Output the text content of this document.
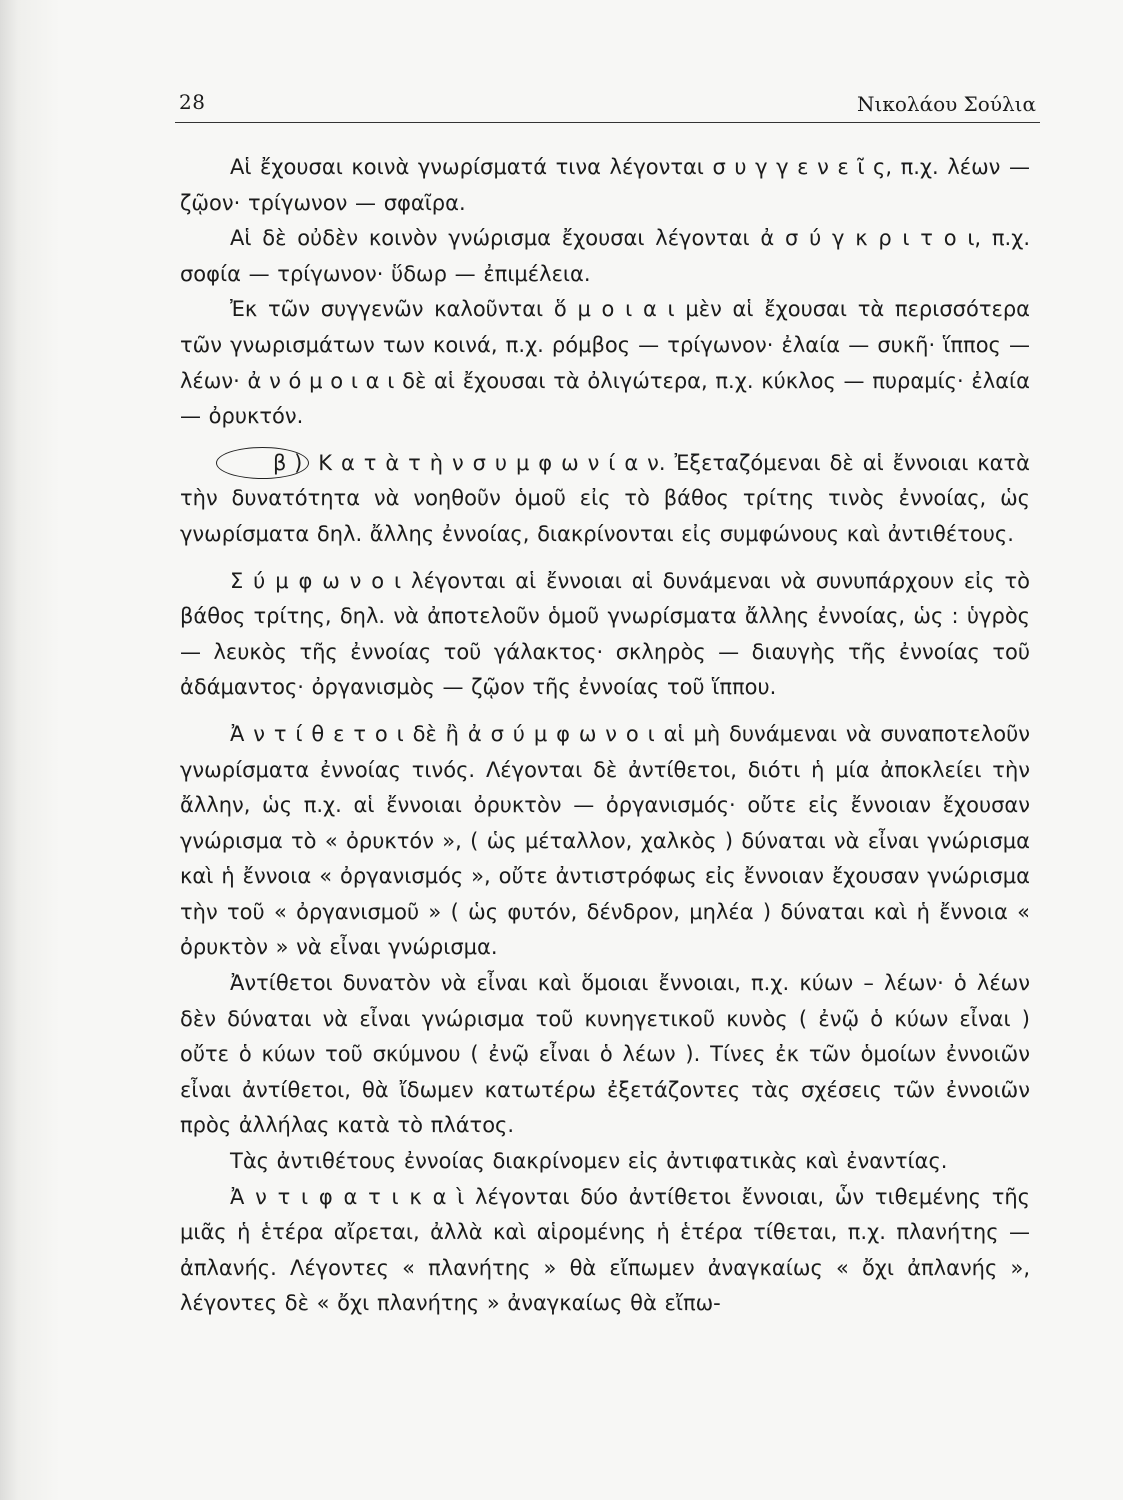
28	Νικολάου Σούλια

Αἱ ἔχουσαι κοινὰ γνωρίσματά τινα λέγονται σ υ γ γ ε ν ε ῖ ς, π.χ. λέων — ζῷον· τρίγωνον — σφαῖρα.

Αἱ δὲ οὐδὲν κοινὸν γνώρισμα ἔχουσαι λέγονται ἀ σ ύ γ κ ρ ι τ ο ι, π.χ. σοφία — τρίγωνον· ὕδωρ — ἐπιμέλεια.

Ἐκ τῶν συγγενῶν καλοῦνται ὅ μ ο ι α ι μὲν αἱ ἔχουσαι τὰ περισσότερα τῶν γνωρισμάτων των κοινά, π.χ. ρόμβος — τρίγωνον· ἐλαία — συκῆ· ἵππος — λέων· ἀ ν ό μ ο ι α ι δὲ αἱ ἔχουσαι τὰ ὀλιγώτερα, π.χ. κύκλος — πυραμίς· ἐλαία — ὀρυκτόν.

β ) Κ α τ ὰ τ ὴ ν σ υ μ φ ω ν ί α ν. Ἐξεταζόμεναι δὲ αἱ ἔννοιαι κατὰ τὴν δυνατότητα νὰ νοηθοῦν ὁμοῦ εἰς τὸ βάθος τρίτης τινὸς ἐννοίας, ὡς γνωρίσματα δηλ. ἄλλης ἐννοίας, διακρίνονται εἰς συμφώνους καὶ ἀντιθέτους.

Σ ύ μ φ ω ν ο ι λέγονται αἱ ἔννοιαι αἱ δυνάμεναι νὰ συνυπάρχουν εἰς τὸ βάθος τρίτης, δηλ. νὰ ἀποτελοῦν ὁμοῦ γνωρίσματα ἄλλης ἐννοίας, ὡς : ὑγρὸς — λευκὸς τῆς ἐννοίας τοῦ γάλακτος· σκληρὸς — διαυγὴς τῆς ἐννοίας τοῦ ἀδάμαντος· ὀργανισμὸς — ζῷον τῆς ἐννοίας τοῦ ἵππου.

Ἀ ν τ ί θ ε τ ο ι δὲ ἢ ἀ σ ύ μ φ ω ν ο ι αἱ μὴ δυνάμεναι νὰ συναποτελοῦν γνωρίσματα ἐννοίας τινός. Λέγονται δὲ ἀντίθετοι, διότι ἡ μία ἀποκλείει τὴν ἄλλην, ὡς π.χ. αἱ ἔννοιαι ὀρυκτὸν — ὀργανισμός· οὔτε εἰς ἔννοιαν ἔχουσαν γνώρισμα τὸ « ὀρυκτόν », ( ὡς μέταλλον, χαλκὸς ) δύναται νὰ εἶναι γνώρισμα καὶ ἡ ἔννοια « ὀργανισμός », οὔτε ἀντιστρόφως εἰς ἔννοιαν ἔχουσαν γνώρισμα τὴν τοῦ « ὀργανισμοῦ » ( ὡς φυτόν, δένδρον, μηλέα ) δύναται καὶ ἡ ἔννοια « ὀρυκτὸν » νὰ εἶναι γνώρισμα.

Ἀντίθετοι δυνατὸν νὰ εἶναι καὶ ὅμοιαι ἔννοιαι, π.χ. κύων – λέων· ὁ λέων δὲν δύναται νὰ εἶναι γνώρισμα τοῦ κυνηγετικοῦ κυνὸς ( ἐνῷ ὁ κύων εἶναι ) οὔτε ὁ κύων τοῦ σκύμνου ( ἐνῷ εἶναι ὁ λέων ). Τίνες ἐκ τῶν ὁμοίων ἐννοιῶν εἶναι ἀντίθετοι, θὰ ἴδωμεν κατωτέρω ἐξετάζοντες τὰς σχέσεις τῶν ἐννοιῶν πρὸς ἀλλήλας κατὰ τὸ πλάτος.

Τὰς ἀντιθέτους ἐννοίας διακρίνομεν εἰς ἀντιφατικὰς καὶ ἐναντίας.

Ἀ ν τ ι φ α τ ι κ α ὶ λέγονται δύο ἀντίθετοι ἔννοιαι, ὧν τιθεμένης τῆς μιᾶς ἡ ἑτέρα αἴρεται, ἀλλὰ καὶ αἱρομένης ἡ ἑτέρα τίθεται, π.χ. πλανήτης — ἀπλανής. Λέγοντες « πλανήτης » θὰ εἴπωμεν ἀναγκαίως « ὄχι ἀπλανής », λέγοντες δὲ « ὄχι πλανήτης » ἀναγκαίως θὰ εἴπω-
